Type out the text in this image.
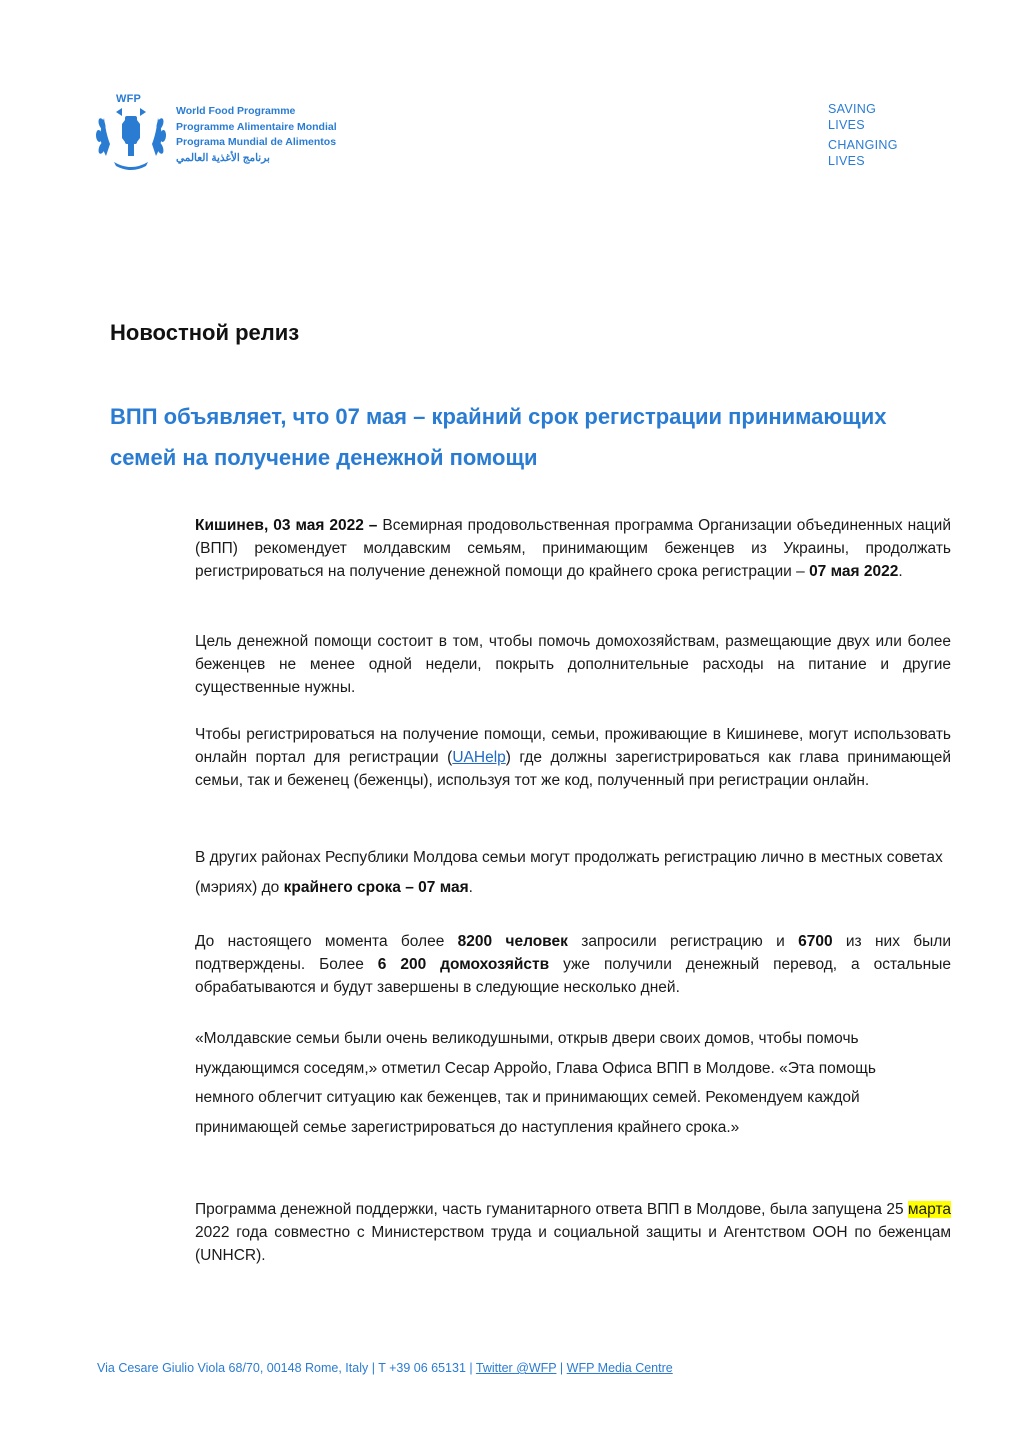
WFP
World Food Programme
Programme Alimentaire Mondial
Programa Mundial de Alimentos
برنامج الأغذية العالمي
SAVING
LIVES
CHANGING
LIVES
Новостной релиз
ВПП объявляет, что 07 мая – крайний срок регистрации принимающих семей на получение денежной помощи

Кишинев, 03 мая 2022 – Всемирная продовольственная программа Организации объединенных наций (ВПП) рекомендует молдавским семьям, принимающим беженцев из Украины, продолжать регистрироваться на получение денежной помощи до крайнего срока регистрации – 07 мая 2022.

Цель денежной помощи состоит в том, чтобы помочь домохозяйствам, размещающие двух или более беженцев не менее одной недели, покрыть дополнительные расходы на питание и другие существенные нужны.

Чтобы регистрироваться на получение помощи, семьи, проживающие в Кишиневе, могут использовать онлайн портал для регистрации (UAHelp) где должны зарегистрироваться как глава принимающей семьи, так и беженец (беженцы), используя тот же код, полученный при регистрации онлайн.

В других районах Республики Молдова семьи могут продолжать регистрацию лично в местных советах (мэриях) до крайнего срока – 07 мая.

До настоящего момента более 8200 человек запросили регистрацию и 6700 из них были подтверждены. Более 6 200 домохозяйств уже получили денежный перевод, а остальные обрабатываются и будут завершены в следующие несколько дней.

«Молдавские семьи были очень великодушными, открыв двери своих домов, чтобы помочь нуждающимся соседям,» отметил Сесар Арройо, Глава Офиса ВПП в Молдове. «Эта помощь немного облегчит ситуацию как беженцев, так и принимающих семей. Рекомендуем каждой принимающей семье зарегистрироваться до наступления крайнего срока.»

Программа денежной поддержки, часть гуманитарного ответа ВПП в Молдове, была запущена 25 марта 2022 года совместно с Министерством труда и социальной защиты и Агентством ООН по беженцам (UNHCR).

Via Cesare Giulio Viola 68/70, 00148 Rome, Italy | T +39 06 65131 | Twitter @WFP | WFP Media Centre
